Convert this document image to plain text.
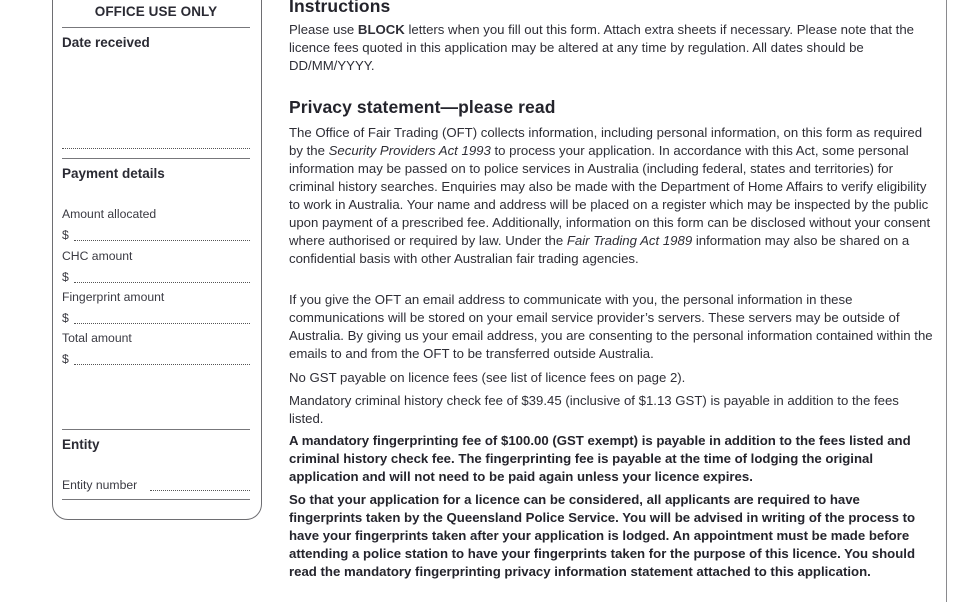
OFFICE USE ONLY
Date received
Payment details
Amount allocated
$
CHC amount
$
Fingerprint amount
$
Total amount
$
Entity
Entity number
Instructions

Please use BLOCK letters when you fill out this form. Attach extra sheets if necessary. Please note that the licence fees quoted in this application may be altered at any time by regulation. All dates should be DD/MM/YYYY.

Privacy statement—please read

The Office of Fair Trading (OFT) collects information, including personal information, on this form as required by the Security Providers Act 1993 to process your application. In accordance with this Act, some personal information may be passed on to police services in Australia (including federal, states and territories) for criminal history searches. Enquiries may also be made with the Department of Home Affairs to verify eligibility to work in Australia. Your name and address will be placed on a register which may be inspected by the public upon payment of a prescribed fee. Additionally, information on this form can be disclosed without your consent where authorised or required by law. Under the Fair Trading Act 1989 information may also be shared on a confidential basis with other Australian fair trading agencies.

If you give the OFT an email address to communicate with you, the personal information in these communications will be stored on your email service provider’s servers. These servers may be outside of Australia. By giving us your email address, you are consenting to the personal information contained within the emails to and from the OFT to be transferred outside Australia.

No GST payable on licence fees (see list of licence fees on page 2).

Mandatory criminal history check fee of $39.45 (inclusive of $1.13 GST) is payable in addition to the fees listed.

A mandatory fingerprinting fee of $100.00 (GST exempt) is payable in addition to the fees listed and criminal history check fee. The fingerprinting fee is payable at the time of lodging the original application and will not need to be paid again unless your licence expires.

So that your application for a licence can be considered, all applicants are required to have fingerprints taken by the Queensland Police Service. You will be advised in writing of the process to have your fingerprints taken after your application is lodged. An appointment must be made before attending a police station to have your fingerprints taken for the purpose of this licence. You should read the mandatory fingerprinting privacy information statement attached to this application.
